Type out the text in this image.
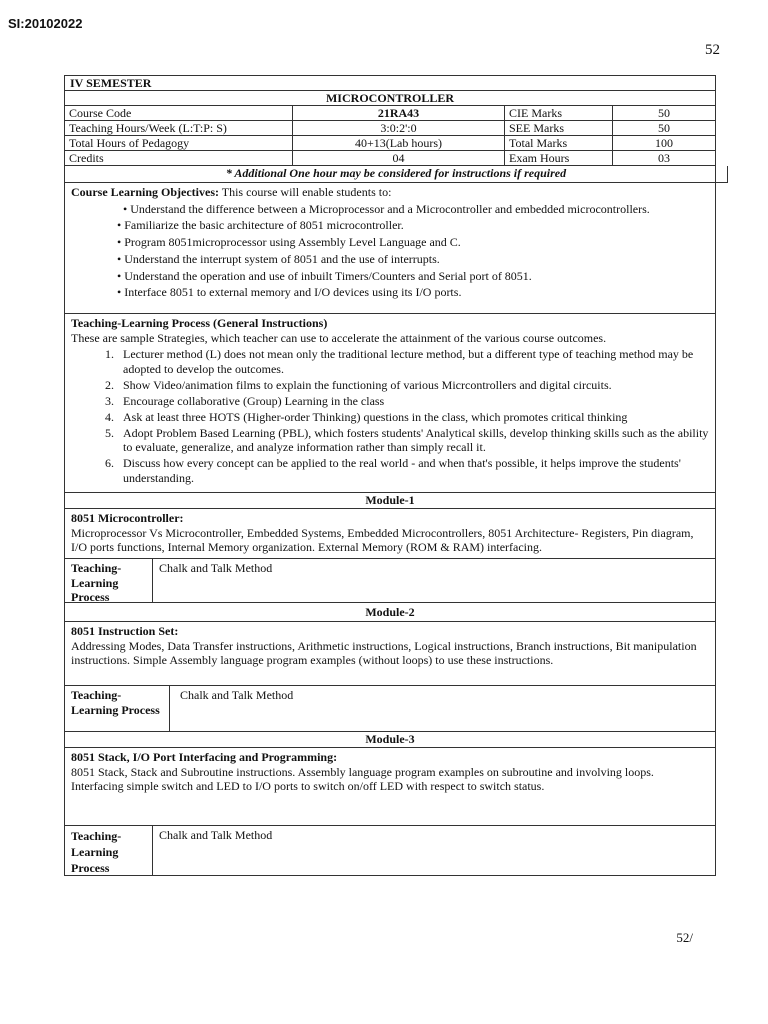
SI:20102022
52
IV SEMESTER
MICROCONTROLLER
Course Code	21RA43	CIE Marks	50
Teaching Hours/Week (L:T:P: S)	3:0:2':0	SEE Marks	50
Total Hours of Pedagogy	40+13(Lab hours)	Total Marks	100
Credits	04	Exam Hours	03
* Additional One hour may be considered for instructions if required
Course Learning Objectives: This course will enable students to:
• Understand the difference between a Microprocessor and a Microcontroller and embedded microcontrollers.
• Familiarize the basic architecture of 8051 microcontroller.
• Program 8051microprocessor using Assembly Level Language and C.
• Understand the interrupt system of 8051 and the use of interrupts.
• Understand the operation and use of inbuilt Timers/Counters and Serial port of 8051.
• Interface 8051 to external memory and I/O devices using its I/O ports.
Teaching-Learning Process (General Instructions)
These are sample Strategies, which teacher can use to accelerate the attainment of the various course outcomes.
1. Lecturer method (L) does not mean only the traditional lecture method, but a different type of teaching method may be adopted to develop the outcomes.
2. Show Video/animation films to explain the functioning of various Micrcontrollers and digital circuits.
3. Encourage collaborative (Group) Learning in the class
4. Ask at least three HOTS (Higher-order Thinking) questions in the class, which promotes critical thinking
5. Adopt Problem Based Learning (PBL), which fosters students' Analytical skills, develop thinking skills such as the ability to evaluate, generalize, and analyze information rather than simply recall it.
6. Discuss how every concept can be applied to the real world - and when that's possible, it helps improve the students' understanding.
Module-1
8051 Microcontroller:
Microprocessor Vs Microcontroller, Embedded Systems, Embedded Microcontrollers, 8051 Architecture- Registers, Pin diagram, I/O ports functions, Internal Memory organization. External Memory (ROM & RAM) interfacing.
Teaching-Learning Process
Chalk and Talk Method
Module-2
8051 Instruction Set:
Addressing Modes, Data Transfer instructions, Arithmetic instructions, Logical instructions, Branch instructions, Bit manipulation instructions. Simple Assembly language program examples (without loops) to use these instructions.
Teaching-Learning Process
Chalk and Talk Method
Module-3
8051 Stack, I/O Port Interfacing and Programming:
8051 Stack, Stack and Subroutine instructions. Assembly language program examples on subroutine and involving loops.
Interfacing simple switch and LED to I/O ports to switch on/off LED with respect to switch status.
Teaching-Learning Process
Chalk and Talk Method
52/
